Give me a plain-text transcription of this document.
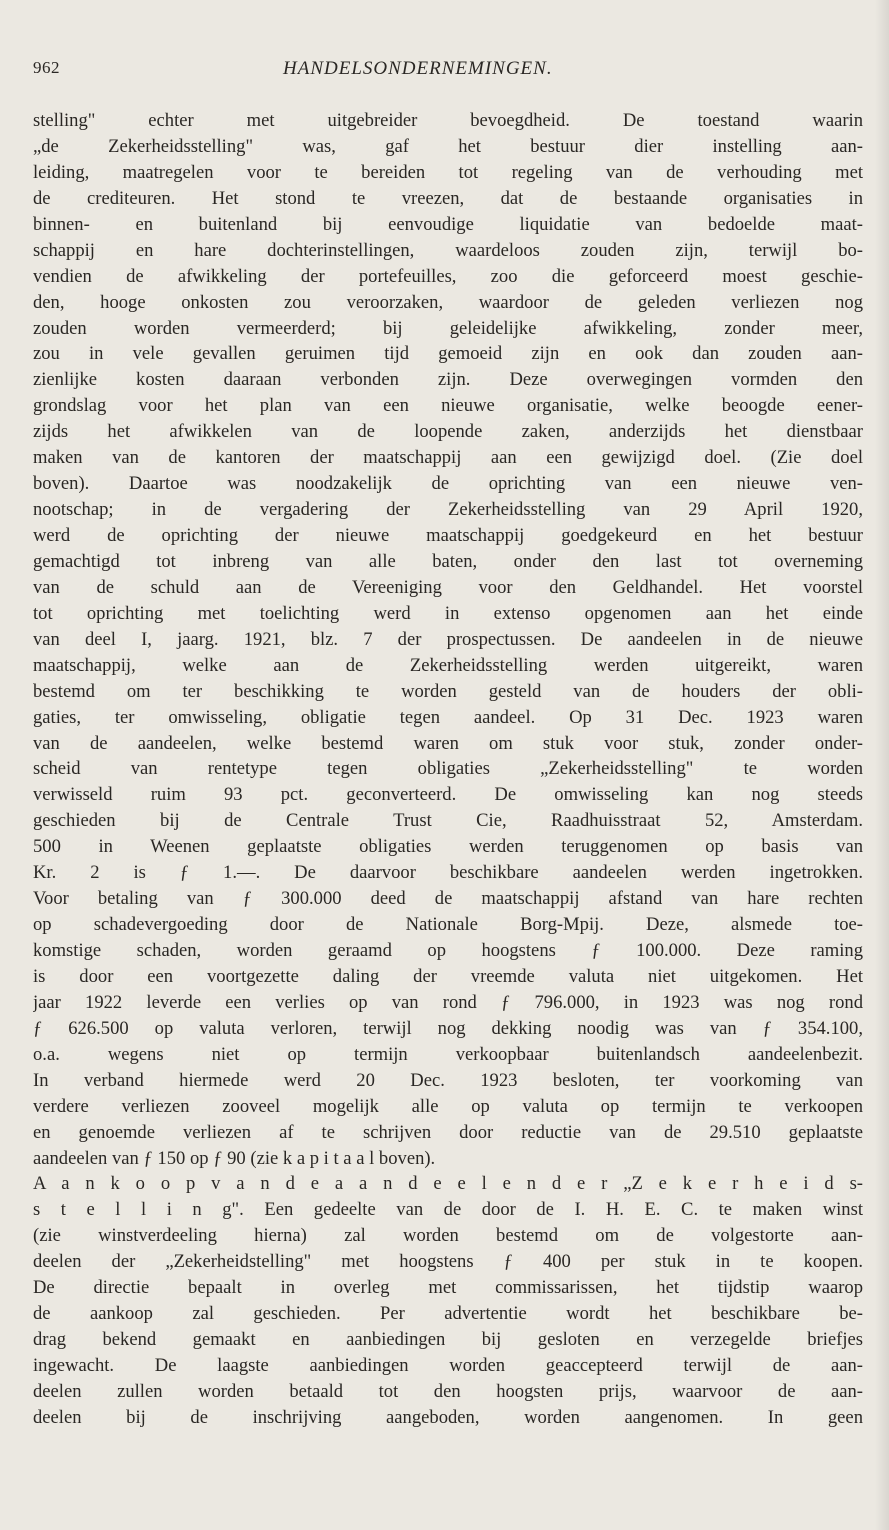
962	HANDELSONDERNEMINGEN.
stelling" echter met uitgebreider bevoegdheid. De toestand waarin
„de Zekerheidsstelling" was, gaf het bestuur dier instelling aan-
leiding, maatregelen voor te bereiden tot regeling van de verhouding met
de crediteuren. Het stond te vreezen, dat de bestaande organisaties in
binnen- en buitenland bij eenvoudige liquidatie van bedoelde maat-
schappij en hare dochterinstellingen, waardeloos zouden zijn, terwijl bo-
vendien de afwikkeling der portefeuilles, zoo die geforceerd moest geschie-
den, hooge onkosten zou veroorzaken, waardoor de geleden verliezen nog
zouden worden vermeerderd; bij geleidelijke afwikkeling, zonder meer,
zou in vele gevallen geruimen tijd gemoeid zijn en ook dan zouden aan-
zienlijke kosten daaraan verbonden zijn. Deze overwegingen vormden den
grondslag voor het plan van een nieuwe organisatie, welke beoogde eener-
zijds het afwikkelen van de loopende zaken, anderzijds het dienstbaar
maken van de kantoren der maatschappij aan een gewijzigd doel. (Zie doel
boven). Daartoe was noodzakelijk de oprichting van een nieuwe ven-
nootschap; in de vergadering der Zekerheidsstelling van 29 April 1920,
werd de oprichting der nieuwe maatschappij goedgekeurd en het bestuur
gemachtigd tot inbreng van alle baten, onder den last tot overneming
van de schuld aan de Vereeniging voor den Geldhandel. Het voorstel
tot oprichting met toelichting werd in extenso opgenomen aan het einde
van deel I, jaarg. 1921, blz. 7 der prospectussen. De aandeelen in de nieuwe
maatschappij, welke aan de Zekerheidsstelling werden uitgereikt, waren
bestemd om ter beschikking te worden gesteld van de houders der obli-
gaties, ter omwisseling, obligatie tegen aandeel. Op 31 Dec. 1923 waren
van de aandeelen, welke bestemd waren om stuk voor stuk, zonder onder-
scheid van rentetype tegen obligaties „Zekerheidsstelling" te worden
verwisseld ruim 93 pct. geconverteerd. De omwisseling kan nog steeds
geschieden bij de Centrale Trust Cie, Raadhuisstraat 52, Amsterdam.
500 in Weenen geplaatste obligaties werden teruggenomen op basis van
Kr. 2 is ƒ 1.—. De daarvoor beschikbare aandeelen werden ingetrokken.
Voor betaling van ƒ 300.000 deed de maatschappij afstand van hare rechten
op schadevergoeding door de Nationale Borg-Mpij. Deze, alsmede toe-
komstige schaden, worden geraamd op hoogstens ƒ 100.000. Deze raming
is door een voortgezette daling der vreemde valuta niet uitgekomen. Het
jaar 1922 leverde een verlies op van rond ƒ 796.000, in 1923 was nog rond
ƒ 626.500 op valuta verloren, terwijl nog dekking noodig was van ƒ 354.100,
o.a. wegens niet op termijn verkoopbaar buitenlandsch aandeelenbezit.
In verband hiermede werd 20 Dec. 1923 besloten, ter voorkoming van
verdere verliezen zooveel mogelijk alle op valuta op termijn te verkoopen
en genoemde verliezen af te schrijven door reductie van de 29.510 geplaatste
aandeelen van ƒ 150 op ƒ 90 (zie k a p i t a a l boven).
A a n k o o p v a n d e a a n d e e l e n d e r „Z e k e r h e i d s-
s t e l l i n g". Een gedeelte van de door de I. H. E. C. te maken winst
(zie winstverdeeling hierna) zal worden bestemd om de volgestorte aan-
deelen der „Zekerheidstelling" met hoogstens ƒ 400 per stuk in te koopen.
De directie bepaalt in overleg met commissarissen, het tijdstip waarop
de aankoop zal geschieden. Per advertentie wordt het beschikbare be-
drag bekend gemaakt en aanbiedingen bij gesloten en verzegelde briefjes
ingewacht. De laagste aanbiedingen worden geaccepteerd terwijl de aan-
deelen zullen worden betaald tot den hoogsten prijs, waarvoor de aan-
deelen bij de inschrijving aangeboden, worden aangenomen. In geen
